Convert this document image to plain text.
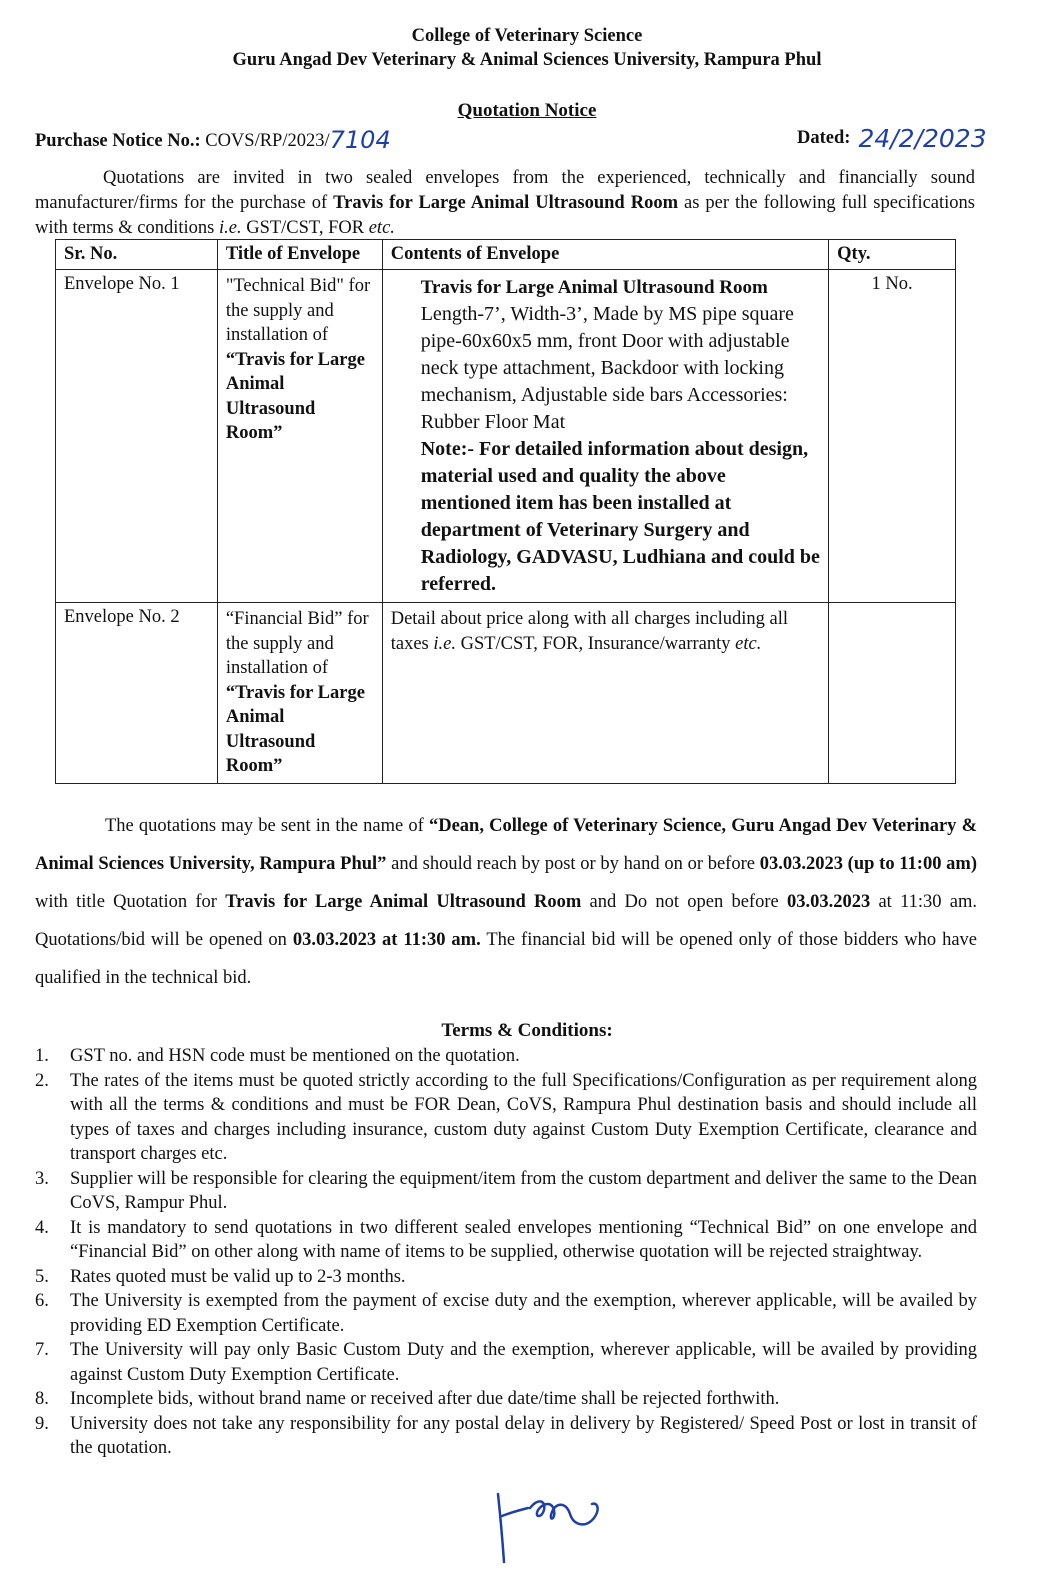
College of Veterinary Science
Guru Angad Dev Veterinary & Animal Sciences University, Rampura Phul
Quotation Notice
Purchase Notice No.: COVS/RP/2023/7104	Dated: 24/2/2023
Quotations are invited in two sealed envelopes from the experienced, technically and financially sound manufacturer/firms for the purchase of Travis for Large Animal Ultrasound Room as per the following full specifications with terms & conditions i.e. GST/CST, FOR etc.
Sr. No.	Title of Envelope	Contents of Envelope	Qty.
Envelope No. 1	"Technical Bid" for the supply and installation of “Travis for Large Animal Ultrasound Room”	Travis for Large Animal Ultrasound Room
Length-7’, Width-3’, Made by MS pipe square pipe-60x60x5 mm, front Door with adjustable neck type attachment, Backdoor with locking mechanism, Adjustable side bars Accessories: Rubber Floor Mat
Note:- For detailed information about design, material used and quality the above mentioned item has been installed at department of Veterinary Surgery and Radiology, GADVASU, Ludhiana and could be referred.	1 No.
Envelope No. 2	“Financial Bid” for the supply and installation of “Travis for Large Animal Ultrasound Room”	Detail about price along with all charges including all taxes i.e. GST/CST, FOR, Insurance/warranty etc.	
The quotations may be sent in the name of “Dean, College of Veterinary Science, Guru Angad Dev Veterinary & Animal Sciences University, Rampura Phul” and should reach by post or by hand on or before 03.03.2023 (up to 11:00 am) with title Quotation for Travis for Large Animal Ultrasound Room and Do not open before 03.03.2023 at 11:30 am. Quotations/bid will be opened on 03.03.2023 at 11:30 am. The financial bid will be opened only of those bidders who have qualified in the technical bid.
Terms & Conditions:
1. GST no. and HSN code must be mentioned on the quotation.
2. The rates of the items must be quoted strictly according to the full Specifications/Configuration as per requirement along with all the terms & conditions and must be FOR Dean, CoVS, Rampura Phul destination basis and should include all types of taxes and charges including insurance, custom duty against Custom Duty Exemption Certificate, clearance and transport charges etc.
3. Supplier will be responsible for clearing the equipment/item from the custom department and deliver the same to the Dean CoVS, Rampur Phul.
4. It is mandatory to send quotations in two different sealed envelopes mentioning “Technical Bid” on one envelope and “Financial Bid” on other along with name of items to be supplied, otherwise quotation will be rejected straightway.
5. Rates quoted must be valid up to 2-3 months.
6. The University is exempted from the payment of excise duty and the exemption, wherever applicable, will be availed by providing ED Exemption Certificate.
7. The University will pay only Basic Custom Duty and the exemption, wherever applicable, will be availed by providing against Custom Duty Exemption Certificate.
8. Incomplete bids, without brand name or received after due date/time shall be rejected forthwith.
9. University does not take any responsibility for any postal delay in delivery by Registered/ Speed Post or lost in transit of the quotation.
